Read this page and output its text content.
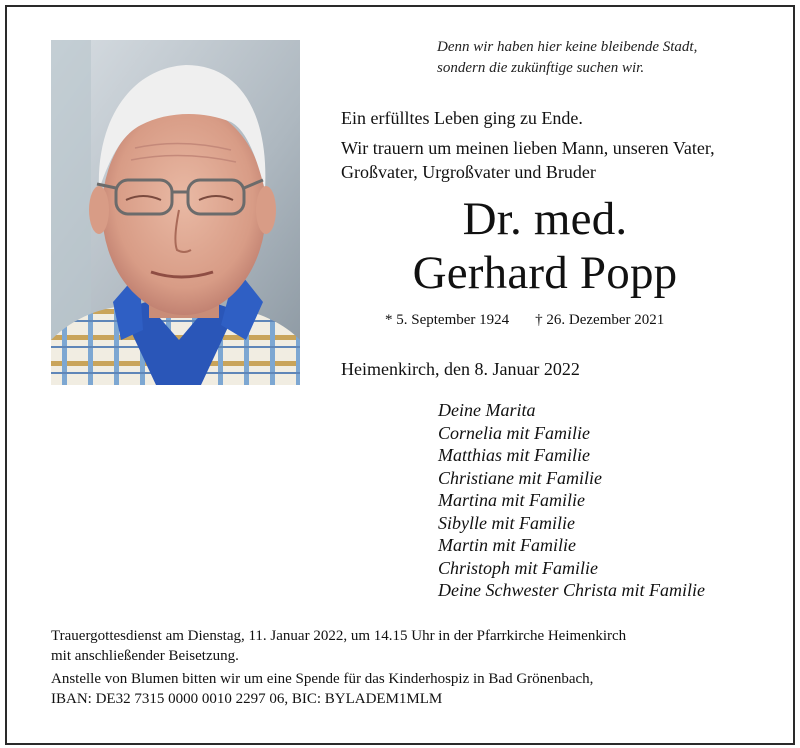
Denn wir haben hier keine bleibende Stadt,
sondern die zukünftige suchen wir.

Ein erfülltes Leben ging zu Ende.

Wir trauern um meinen lieben Mann, unseren Vater,

Großvater, Urgroßvater und Bruder

Dr. med.
Gerhard Popp
* 5. September 1924 † 26. Dezember 2021
Heimenkirch, den 8. Januar 2022
Deine Marita
Cornelia mit Familie
Matthias mit Familie
Christiane mit Familie
Martina mit Familie
Sibylle mit Familie
Martin mit Familie
Christoph mit Familie
Deine Schwester Christa mit Familie

Trauergottesdienst am Dienstag, 11. Januar 2022, um 14.15 Uhr in der Pfarrkirche Heimenkirch

mit anschließender Beisetzung.

Anstelle von Blumen bitten wir um eine Spende für das Kinderhospiz in Bad Grönenbach,

IBAN: DE32 7315 0000 0010 2297 06, BIC: BYLADEM1MLM
